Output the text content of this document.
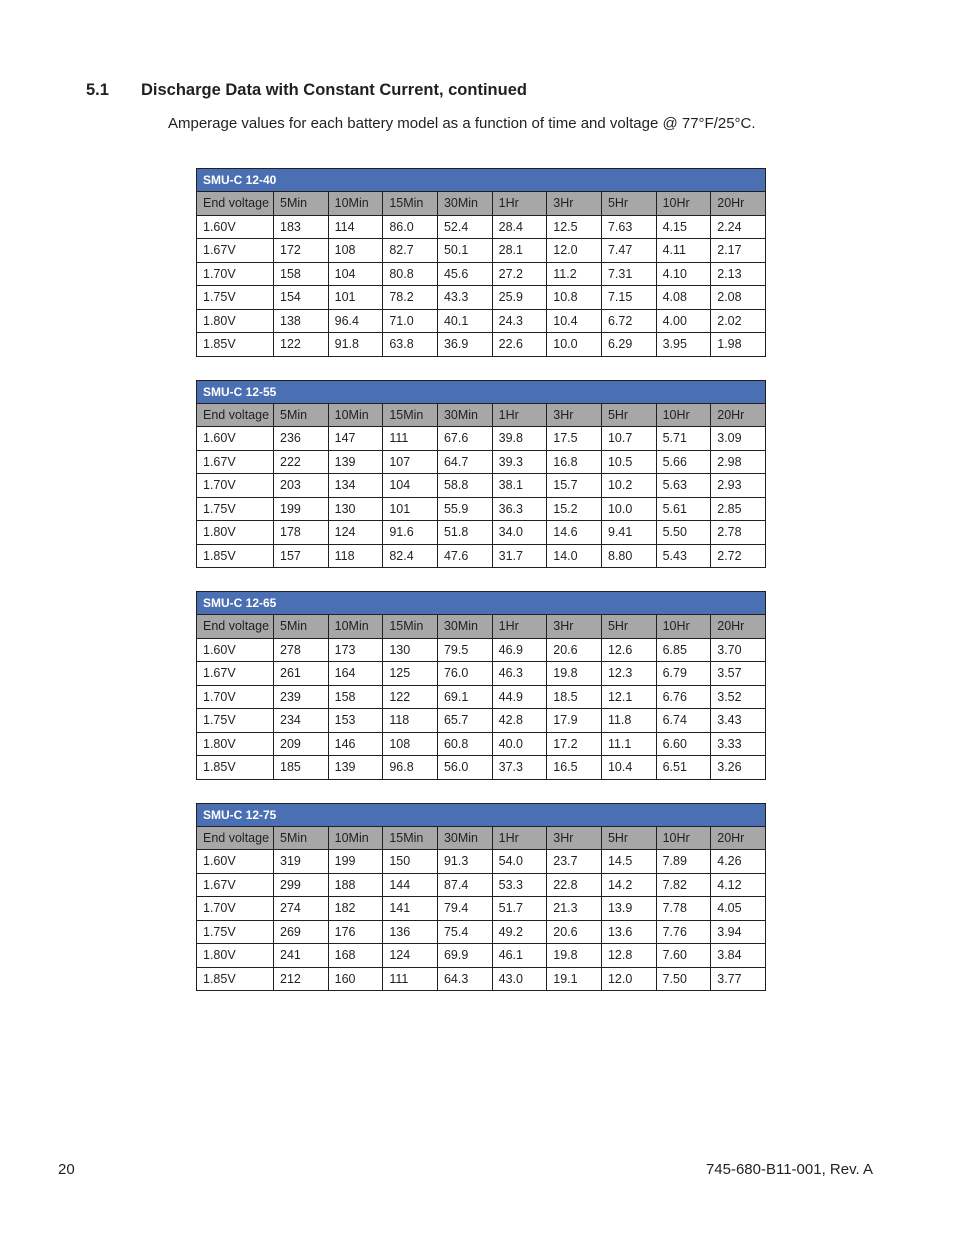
5.1 Discharge Data with Constant Current, continued

Amperage values for each battery model as a function of time and voltage @ 77°F/25°C.

SMU-C 12-40									
End voltage	5Min	10Min	15Min	30Min	1Hr	3Hr	5Hr	10Hr	20Hr
1.60V	183	114	86.0	52.4	28.4	12.5	7.63	4.15	2.24
1.67V	172	108	82.7	50.1	28.1	12.0	7.47	4.11	2.17
1.70V	158	104	80.8	45.6	27.2	11.2	7.31	4.10	2.13
1.75V	154	101	78.2	43.3	25.9	10.8	7.15	4.08	2.08
1.80V	138	96.4	71.0	40.1	24.3	10.4	6.72	4.00	2.02
1.85V	122	91.8	63.8	36.9	22.6	10.0	6.29	3.95	1.98
SMU-C 12-55									
End voltage	5Min	10Min	15Min	30Min	1Hr	3Hr	5Hr	10Hr	20Hr
1.60V	236	147	111	67.6	39.8	17.5	10.7	5.71	3.09
1.67V	222	139	107	64.7	39.3	16.8	10.5	5.66	2.98
1.70V	203	134	104	58.8	38.1	15.7	10.2	5.63	2.93
1.75V	199	130	101	55.9	36.3	15.2	10.0	5.61	2.85
1.80V	178	124	91.6	51.8	34.0	14.6	9.41	5.50	2.78
1.85V	157	118	82.4	47.6	31.7	14.0	8.80	5.43	2.72
SMU-C 12-65									
End voltage	5Min	10Min	15Min	30Min	1Hr	3Hr	5Hr	10Hr	20Hr
1.60V	278	173	130	79.5	46.9	20.6	12.6	6.85	3.70
1.67V	261	164	125	76.0	46.3	19.8	12.3	6.79	3.57
1.70V	239	158	122	69.1	44.9	18.5	12.1	6.76	3.52
1.75V	234	153	118	65.7	42.8	17.9	11.8	6.74	3.43
1.80V	209	146	108	60.8	40.0	17.2	11.1	6.60	3.33
1.85V	185	139	96.8	56.0	37.3	16.5	10.4	6.51	3.26
SMU-C 12-75									
End voltage	5Min	10Min	15Min	30Min	1Hr	3Hr	5Hr	10Hr	20Hr
1.60V	319	199	150	91.3	54.0	23.7	14.5	7.89	4.26
1.67V	299	188	144	87.4	53.3	22.8	14.2	7.82	4.12
1.70V	274	182	141	79.4	51.7	21.3	13.9	7.78	4.05
1.75V	269	176	136	75.4	49.2	20.6	13.6	7.76	3.94
1.80V	241	168	124	69.9	46.1	19.8	12.8	7.60	3.84
1.85V	212	160	111	64.3	43.0	19.1	12.0	7.50	3.77

20	745-680-B11-001, Rev. A
